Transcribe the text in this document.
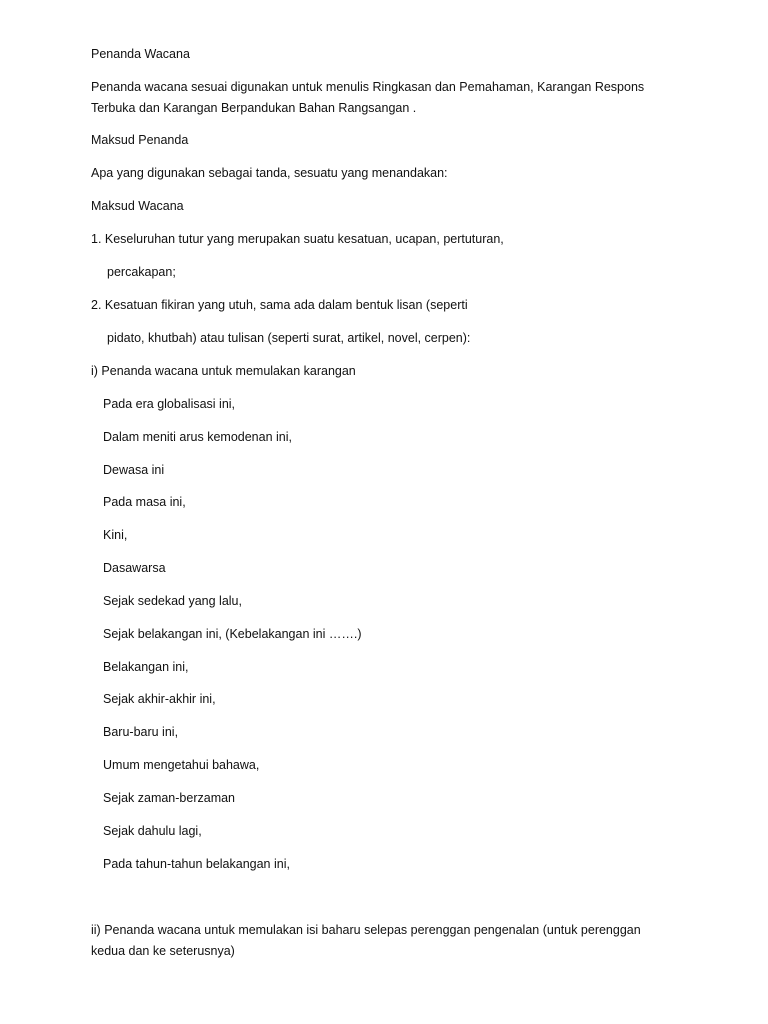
Penanda Wacana
Penanda wacana sesuai digunakan untuk menulis Ringkasan dan Pemahaman, Karangan Respons Terbuka dan Karangan Berpandukan Bahan Rangsangan .
Maksud Penanda
Apa yang digunakan sebagai tanda, sesuatu yang menandakan:
Maksud Wacana
1. Keseluruhan tutur yang merupakan suatu kesatuan, ucapan, pertuturan,
percakapan;
2. Kesatuan fikiran yang utuh, sama ada dalam bentuk lisan (seperti
pidato, khutbah) atau tulisan (seperti surat, artikel, novel, cerpen):
i) Penanda wacana untuk memulakan karangan
Pada era globalisasi ini,
Dalam meniti arus kemodenan ini,
Dewasa ini
Pada masa ini,
Kini,
Dasawarsa
Sejak sedekad yang lalu,
Sejak belakangan ini, (Kebelakangan ini …….)
Belakangan ini,
Sejak akhir-akhir ini,
Baru-baru ini,
Umum mengetahui bahawa,
Sejak zaman-berzaman
Sejak dahulu lagi,
Pada tahun-tahun belakangan ini,
ii) Penanda wacana untuk memulakan isi baharu selepas perenggan pengenalan (untuk perenggan kedua dan ke seterusnya)
